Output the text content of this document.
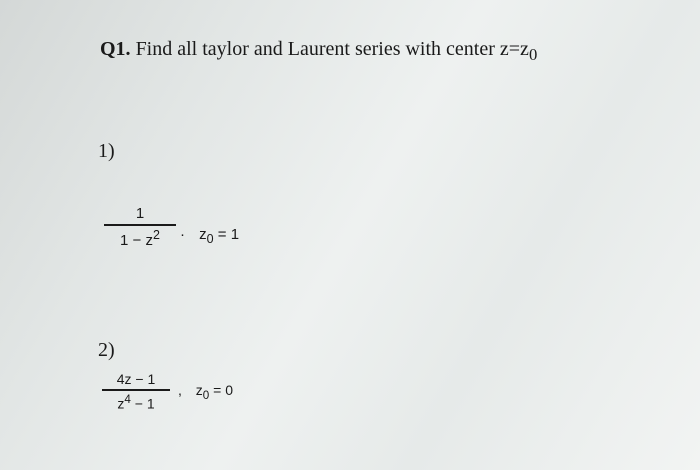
Q1. Find all taylor and Laurent series with center $z=z_0$
1)
1
$1 - z^2 \cdot z_0 = 1$
2)
4z − 1
$z^4 - 1$
, $z_0 = 0$
